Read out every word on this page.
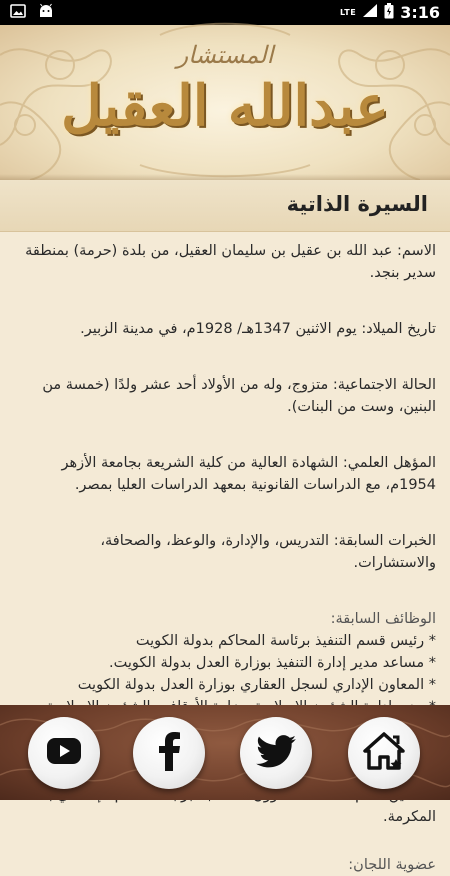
LTE	3:16
المستشار
عبدالله العقيل
السيرة الذاتية

الاسم: عبد الله بن عقيل بن سليمان العقيل، من بلدة (حرمة) بمنطقة سدير بنجد.

تاريخ الميلاد: يوم الاثنين 1347هـ/ 1928م، في مدينة الزبير.

الحالة الاجتماعية: متزوج، وله من الأولاد أحد عشر ولدًا (خمسة من البنين، وست من البنات).

المؤهل العلمي: الشهادة العالية من كلية الشريعة بجامعة الأزهر 1954م، مع الدراسات القانونية بمعهد الدراسات العليا بمصر.

الخبرات السابقة: التدريس، والإدارة، والوعظ، والصحافة، والاستشارات.

الوظائف السابقة:

* رئيس قسم التنفيذ برئاسة المحاكم بدولة الكويت

* مساعد مدير إدارة التنفيذ بوزارة العدل بدولة الكويت.

* المعاون الإداري لسجل العقاري بوزارة العدل بدولة الكويت

المكرمة.

عضوية اللجان:
